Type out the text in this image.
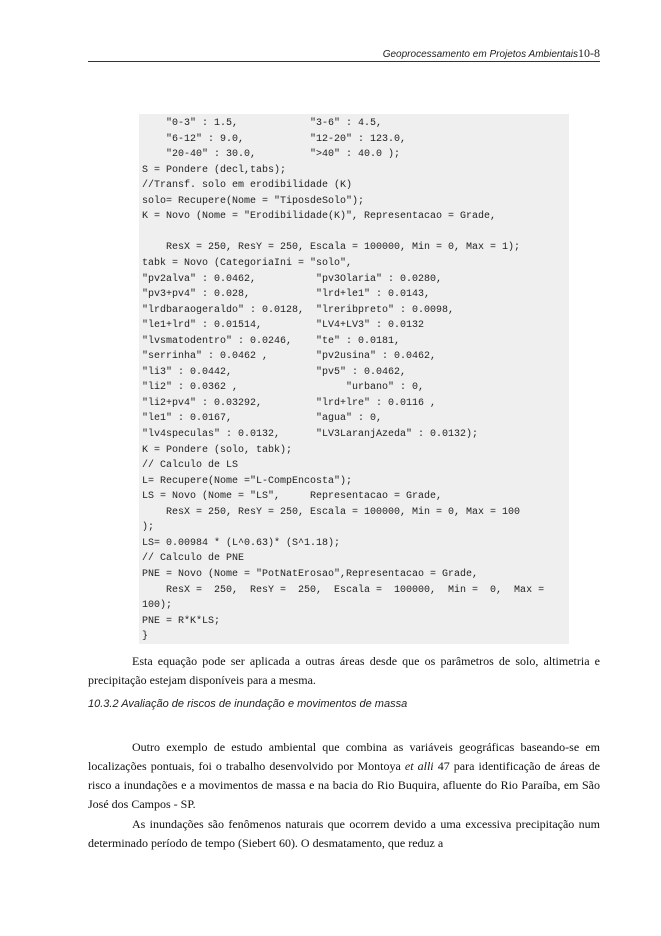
Geoprocessamento em Projetos Ambientais10-8
"0-3" : 1.5,            "3-6" : 4.5,
"6-12" : 9.0,           "12-20" : 123.0,
"20-40" : 30.0,         ">40" : 40.0 );
S = Pondere (decl,tabs);
//Transf. solo em erodibilidade (K)
solo= Recupere(Nome = "TiposdeSolo");
K = Novo (Nome = "Erodibilidade(K)", Representacao = Grade,
ResX = 250, ResY = 250, Escala = 100000, Min = 0, Max = 1);
tabk = Novo (CategoriaIni = "solo",
"pv2alva" : 0.0462,          "pv3Olaria" : 0.0280,
"pv3+pv4" : 0.028,           "lrd+le1" : 0.0143,
"lrdbaraogeraldo" : 0.0128,  "lreribpreto" : 0.0098,
"le1+lrd" : 0.01514,         "LV4+LV3" : 0.0132
"lvsmatodentro" : 0.0246,    "te" : 0.0181,
"serrinha" : 0.0462 ,        "pv2usina" : 0.0462,
"li3" : 0.0442,              "pv5" : 0.0462,
"li2" : 0.0362 ,                  "urbano" : 0,
"li2+pv4" : 0.03292,         "lrd+lre" : 0.0116 ,
"le1" : 0.0167,              "agua" : 0,
"lv4speculas" : 0.0132,      "LV3LaranjAzeda" : 0.0132);
K = Pondere (solo, tabk);
// Calculo de LS
L= Recupere(Nome ="L-CompEncosta");
LS = Novo (Nome = "LS",     Representacao = Grade,
ResX = 250, ResY = 250, Escala = 100000, Min = 0, Max = 100
);
LS= 0.00984 * (L^0.63)* (S^1.18);
// Calculo de PNE
PNE = Novo (Nome = "PotNatErosao",Representacao = Grade,
ResX =  250,  ResY =  250,  Escala =  100000,  Min =  0,  Max =
100);
PNE = R*K*LS;
}

Esta equação pode ser aplicada a outras áreas desde que os parâmetros de solo, altimetria e precipitação estejam disponíveis para a mesma.

10.3.2 Avaliação de riscos de inundação e movimentos de massa

Outro exemplo de estudo ambiental que combina as variáveis geográficas baseando-se em localizações pontuais, foi o trabalho desenvolvido por Montoya et alli 47 para identificação de áreas de risco a inundações e a movimentos de massa e na bacia do Rio Buquira, afluente do Rio Paraíba, em São José dos Campos - SP.

As inundações são fenômenos naturais que ocorrem devido a uma excessiva precipitação num determinado período de tempo (Siebert 60). O desmatamento, que reduz a
